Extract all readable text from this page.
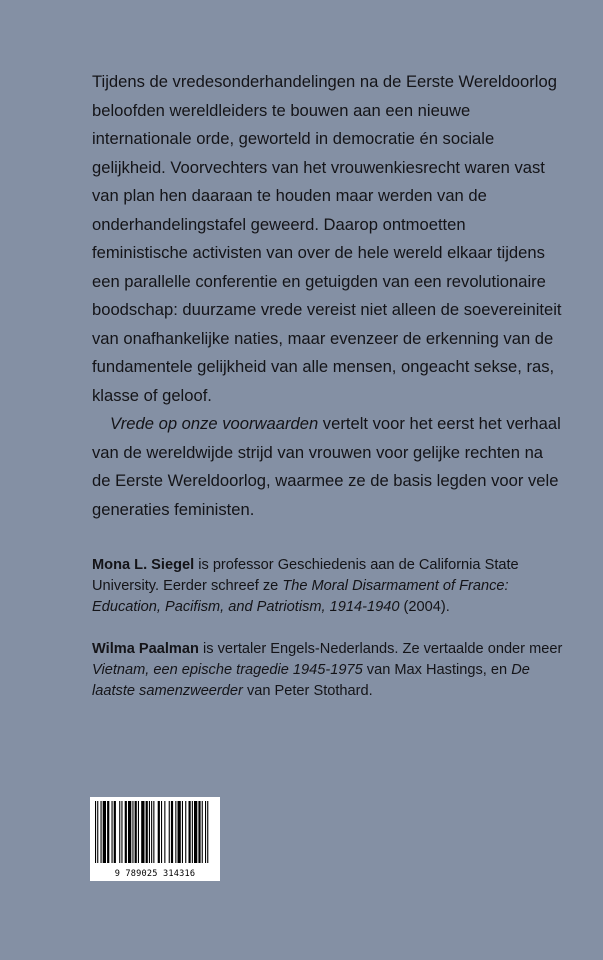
Tijdens de vredesonderhandelingen na de Eerste Wereldoorlog beloofden wereldleiders te bouwen aan een nieuwe internationale orde, geworteld in democratie én sociale gelijkheid. Voorvechters van het vrouwenkiesrecht waren vast van plan hen daaraan te houden maar werden van de onderhandelingstafel geweerd. Daarop ontmoetten feministische activisten van over de hele wereld elkaar tijdens een parallelle conferentie en getuigden van een revolutionaire boodschap: duurzame vrede vereist niet alleen de soevereiniteit van onafhankelijke naties, maar evenzeer de erkenning van de fundamentele gelijkheid van alle mensen, ongeacht sekse, ras, klasse of geloof.

Vrede op onze voorwaarden vertelt voor het eerst het verhaal van de wereldwijde strijd van vrouwen voor gelijke rechten na de Eerste Wereldoorlog, waarmee ze de basis legden voor vele generaties feministen.

Mona L. Siegel is professor Geschiedenis aan de California State University. Eerder schreef ze The Moral Disarmament of France: Education, Pacifism, and Patriotism, 1914-1940 (2004).

Wilma Paalman is vertaler Engels-Nederlands. Ze vertaalde onder meer Vietnam, een epische tragedie 1945-1975 van Max Hastings, en De laatste samenzweerder van Peter Stothard.

9 789025 314316
